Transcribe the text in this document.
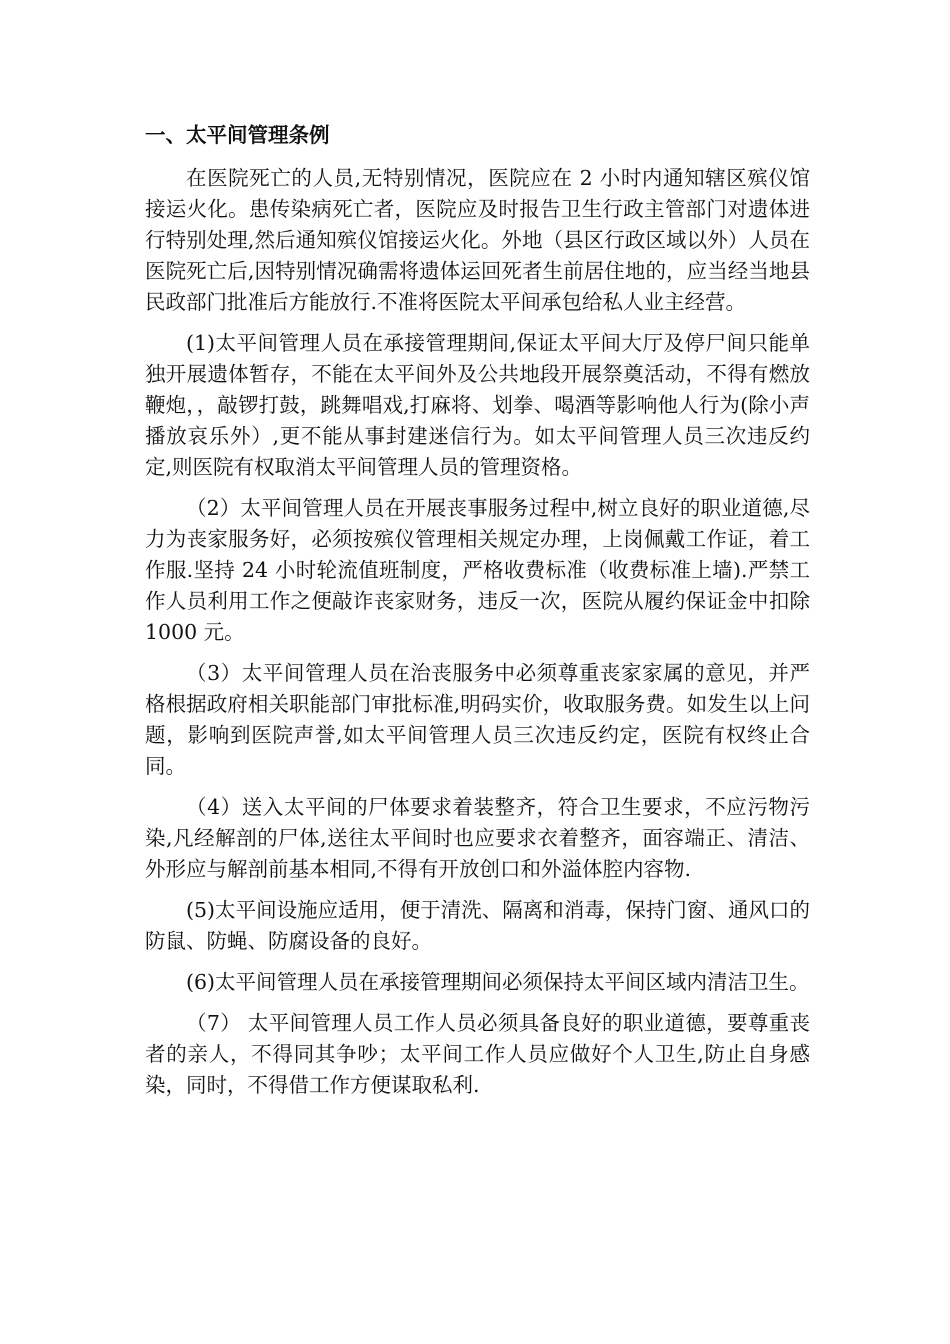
一、太平间管理条例

在医院死亡的人员,无特别情况，医院应在 2 小时内通知辖区殡仪馆接运火化。患传染病死亡者，医院应及时报告卫生行政主管部门对遗体进行特别处理,然后通知殡仪馆接运火化。外地（县区行政区域以外）人员在医院死亡后,因特别情况确需将遗体运回死者生前居住地的，应当经当地县民政部门批准后方能放行.不准将医院太平间承包给私人业主经营。

(1)太平间管理人员在承接管理期间,保证太平间大厅及停尸间只能单独开展遗体暂存，不能在太平间外及公共地段开展祭奠活动，不得有燃放鞭炮，，敲锣打鼓，跳舞唱戏,打麻将、划拳、喝酒等影响他人行为(除小声播放哀乐外）,更不能从事封建迷信行为。如太平间管理人员三次违反约定,则医院有权取消太平间管理人员的管理资格。

（2）太平间管理人员在开展丧事服务过程中,树立良好的职业道德,尽力为丧家服务好，必须按殡仪管理相关规定办理，上岗佩戴工作证，着工作服.坚持 24 小时轮流值班制度，严格收费标准（收费标准上墙).严禁工作人员利用工作之便敲诈丧家财务，违反一次，医院从履约保证金中扣除 1000 元。

（3）太平间管理人员在治丧服务中必须尊重丧家家属的意见，并严格根据政府相关职能部门审批标准,明码实价，收取服务费。如发生以上问题，影响到医院声誉,如太平间管理人员三次违反约定，医院有权终止合同。

（4）送入太平间的尸体要求着装整齐，符合卫生要求，不应污物污染,凡经解剖的尸体,送往太平间时也应要求衣着整齐，面容端正、清洁、外形应与解剖前基本相同,不得有开放创口和外溢体腔内容物.

(5)太平间设施应适用，便于清洗、隔离和消毒，保持门窗、通风口的防鼠、防蝇、防腐设备的良好。

(6)太平间管理人员在承接管理期间必须保持太平间区域内清洁卫生。

（7） 太平间管理人员工作人员必须具备良好的职业道德，要尊重丧者的亲人，不得同其争吵；太平间工作人员应做好个人卫生,防止自身感染，同时，不得借工作方便谋取私利.
